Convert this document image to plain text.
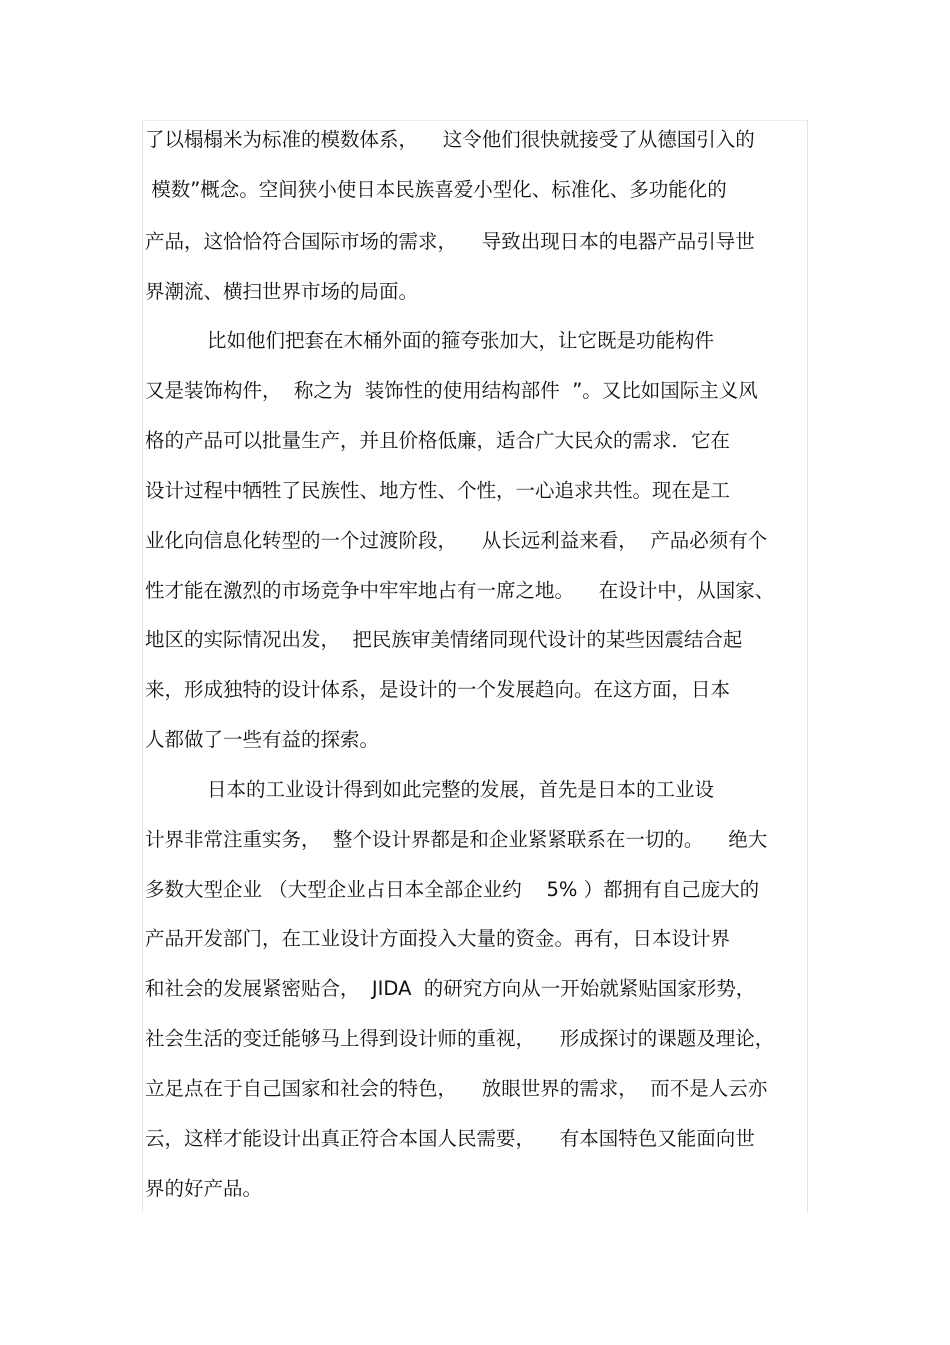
了以榻榻米为标准的模数体系，    这令他们很快就接受了从德国引入的
模数”概念。空间狭小使日本民族喜爱小型化、标准化、多功能化的
产品，这恰恰符合国际市场的需求，    导致出现日本的电器产品引导世
界潮流、横扫世界市场的局面。
比如他们把套在木桶外面的箍夸张加大，让它既是功能构件
又是装饰构件，  称之为  装饰性的使用结构部件  ”。又比如国际主义风
格的产品可以批量生产，并且价格低廉，适合广大民众的需求．它在
设计过程中牺牲了民族性、地方性、个性，一心追求共性。现在是工
业化向信息化转型的一个过渡阶段，    从长远利益来看，  产品必须有个
性才能在激烈的市场竞争中牢牢地占有一席之地。    在设计中，从国家、
地区的实际情况出发，  把民族审美情绪同现代设计的某些因震结合起
来，形成独特的设计体系，是设计的一个发展趋向。在这方面，日本
人都做了一些有益的探索。
日本的工业设计得到如此完整的发展，首先是日本的工业设
计界非常注重实务，  整个设计界都是和企业紧紧联系在一切的。    绝大
多数大型企业 （大型企业占日本全部企业约    5% ）都拥有自己庞大的
产品开发部门，在工业设计方面投入大量的资金。再有，日本设计界
和社会的发展紧密贴合，  JIDA  的研究方向从一开始就紧贴国家形势，
社会生活的变迁能够马上得到设计师的重视，    形成探讨的课题及理论，
立足点在于自己国家和社会的特色，    放眼世界的需求，  而不是人云亦
云，这样才能设计出真正符合本国人民需要，    有本国特色又能面向世
界的好产品。
